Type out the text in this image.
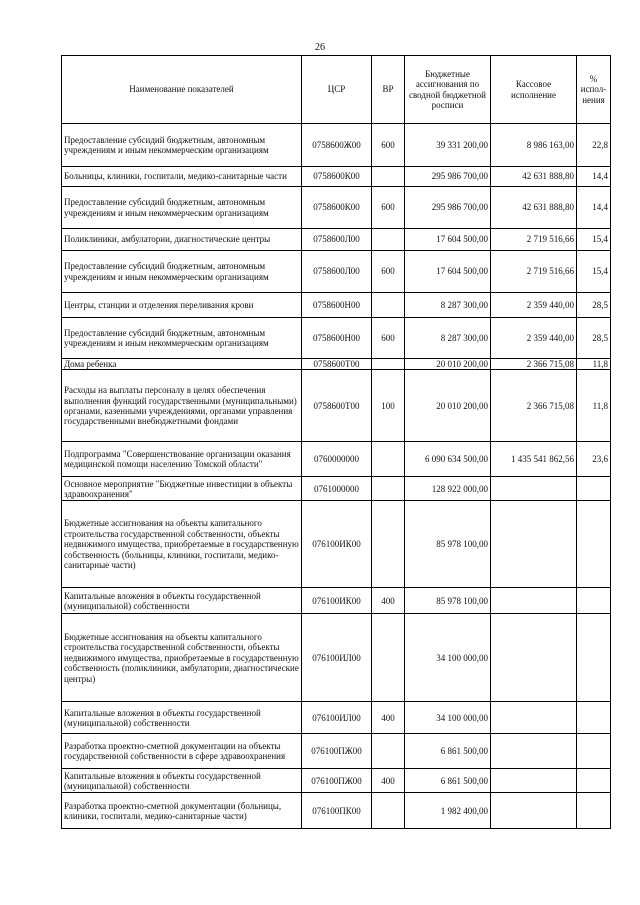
26
Наименование показателей	ЦСР	ВР	Бюджетные ассигнования по сводной бюджетной росписи	Кассовое исполнение	% испол-нения
Предоставление субсидий бюджетным, автономным учреждениям и иным некоммерческим организациям	0758600Ж00	600	39 331 200,00	8 986 163,00	22,8
Больницы, клиники, госпитали, медико-санитарные части	0758600К00		295 986 700,00	42 631 888,80	14,4
Предоставление субсидий бюджетным, автономным учреждениям и иным некоммерческим организациям	0758600К00	600	295 986 700,00	42 631 888,80	14,4
Поликлиники, амбулатории, диагностические центры	0758600Л00		17 604 500,00	2 719 516,66	15,4
Предоставление субсидий бюджетным, автономным учреждениям и иным некоммерческим организациям	0758600Л00	600	17 604 500,00	2 719 516,66	15,4
Центры, станции и отделения переливания крови	0758600Н00		8 287 300,00	2 359 440,00	28,5
Предоставление субсидий бюджетным, автономным учреждениям и иным некоммерческим организациям	0758600Н00	600	8 287 300,00	2 359 440,00	28,5
Дома ребенка	0758600Т00		20 010 200,00	2 366 715,08	11,8
Расходы на выплаты персоналу в целях обеспечения выполнения функций государственными (муниципальными) органами, казенными учреждениями, органами управления государственными внебюджетными фондами	0758600Т00	100	20 010 200,00	2 366 715,08	11,8
Подпрограмма "Совершенствование организации оказания медицинской помощи населению Томской области"	0760000000		6 090 634 500,00	1 435 541 862,56	23,6
Основное мероприятие "Бюджетные инвестиции в объекты здравоохранения"	0761000000		128 922 000,00		
Бюджетные ассигнования на объекты капитального строительства государственной собственности, объекты недвижимого имущества, приобретаемые в государственную собственность (больницы, клиники, госпитали, медико-санитарные части)	076100ИК00		85 978 100,00		
Капитальные вложения в объекты государственной (муниципальной) собственности	076100ИК00	400	85 978 100,00		
Бюджетные ассигнования на объекты капитального строительства государственной собственности, объекты недвижимого имущества, приобретаемые в государственную собственность (поликлиники, амбулатории, диагностические центры)	076100ИЛ00		34 100 000,00		
Капитальные вложения в объекты государственной (муниципальной) собственности	076100ИЛ00	400	34 100 000,00		
Разработка проектно-сметной документации на объекты государственной собственности в сфере здравоохранения	076100ПЖ00		6 861 500,00		
Капитальные вложения в объекты государственной (муниципальной) собственности	076100ПЖ00	400	6 861 500,00		
Разработка проектно-сметной документации (больницы, клиники, госпитали, медико-санитарные части)	076100ПК00		1 982 400,00		
